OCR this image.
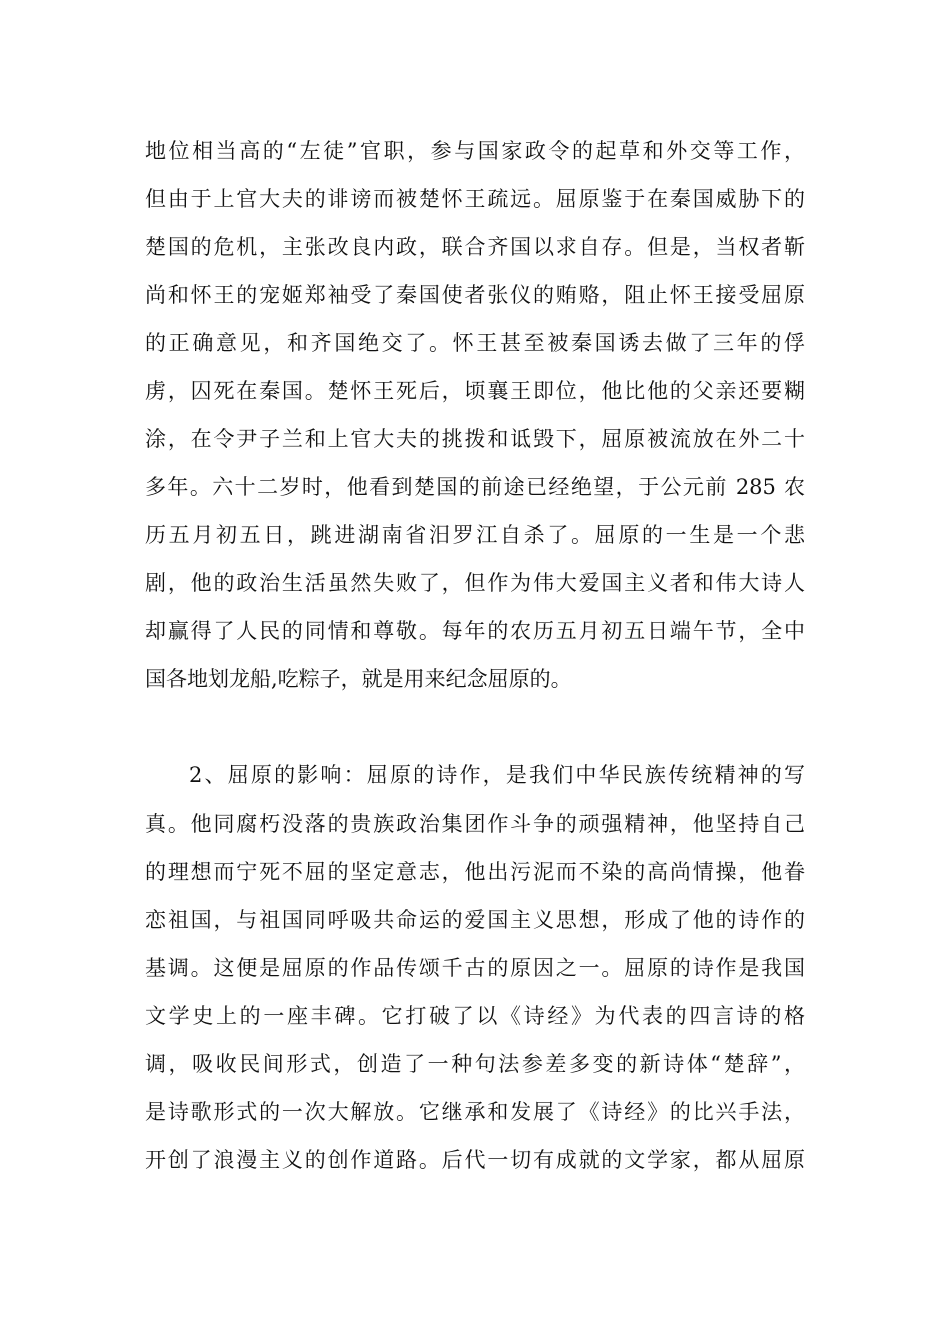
地位相当高的“左徒”官职，参与国家政令的起草和外交等工作，
但由于上官大夫的诽谤而被楚怀王疏远。屈原鉴于在秦国威胁下的
楚国的危机，主张改良内政，联合齐国以求自存。但是，当权者靳
尚和怀王的宠姬郑袖受了秦国使者张仪的贿赂，阻止怀王接受屈原
的正确意见，和齐国绝交了。怀王甚至被秦国诱去做了三年的俘
虏，囚死在秦国。楚怀王死后，顷襄王即位，他比他的父亲还要糊
涂，在令尹子兰和上官大夫的挑拨和诋毁下，屈原被流放在外二十
多年。六十二岁时，他看到楚国的前途已经绝望，于公元前 285 农
历五月初五日，跳进湖南省汨罗江自杀了。屈原的一生是一个悲
剧，他的政治生活虽然失败了，但作为伟大爱国主义者和伟大诗人
却赢得了人民的同情和尊敬。每年的农历五月初五日端午节，全中
国各地划龙船,吃粽子，就是用来纪念屈原的。
2、屈原的影响：屈原的诗作，是我们中华民族传统精神的写
真。他同腐朽没落的贵族政治集团作斗争的顽强精神，他坚持自己
的理想而宁死不屈的坚定意志，他出污泥而不染的高尚情操，他眷
恋祖国，与祖国同呼吸共命运的爱国主义思想，形成了他的诗作的
基调。这便是屈原的作品传颂千古的原因之一。屈原的诗作是我国
文学史上的一座丰碑。它打破了以《诗经》为代表的四言诗的格
调，吸收民间形式，创造了一种句法参差多变的新诗体“楚辞”，
是诗歌形式的一次大解放。它继承和发展了《诗经》的比兴手法，
开创了浪漫主义的创作道路。后代一切有成就的文学家，都从屈原
